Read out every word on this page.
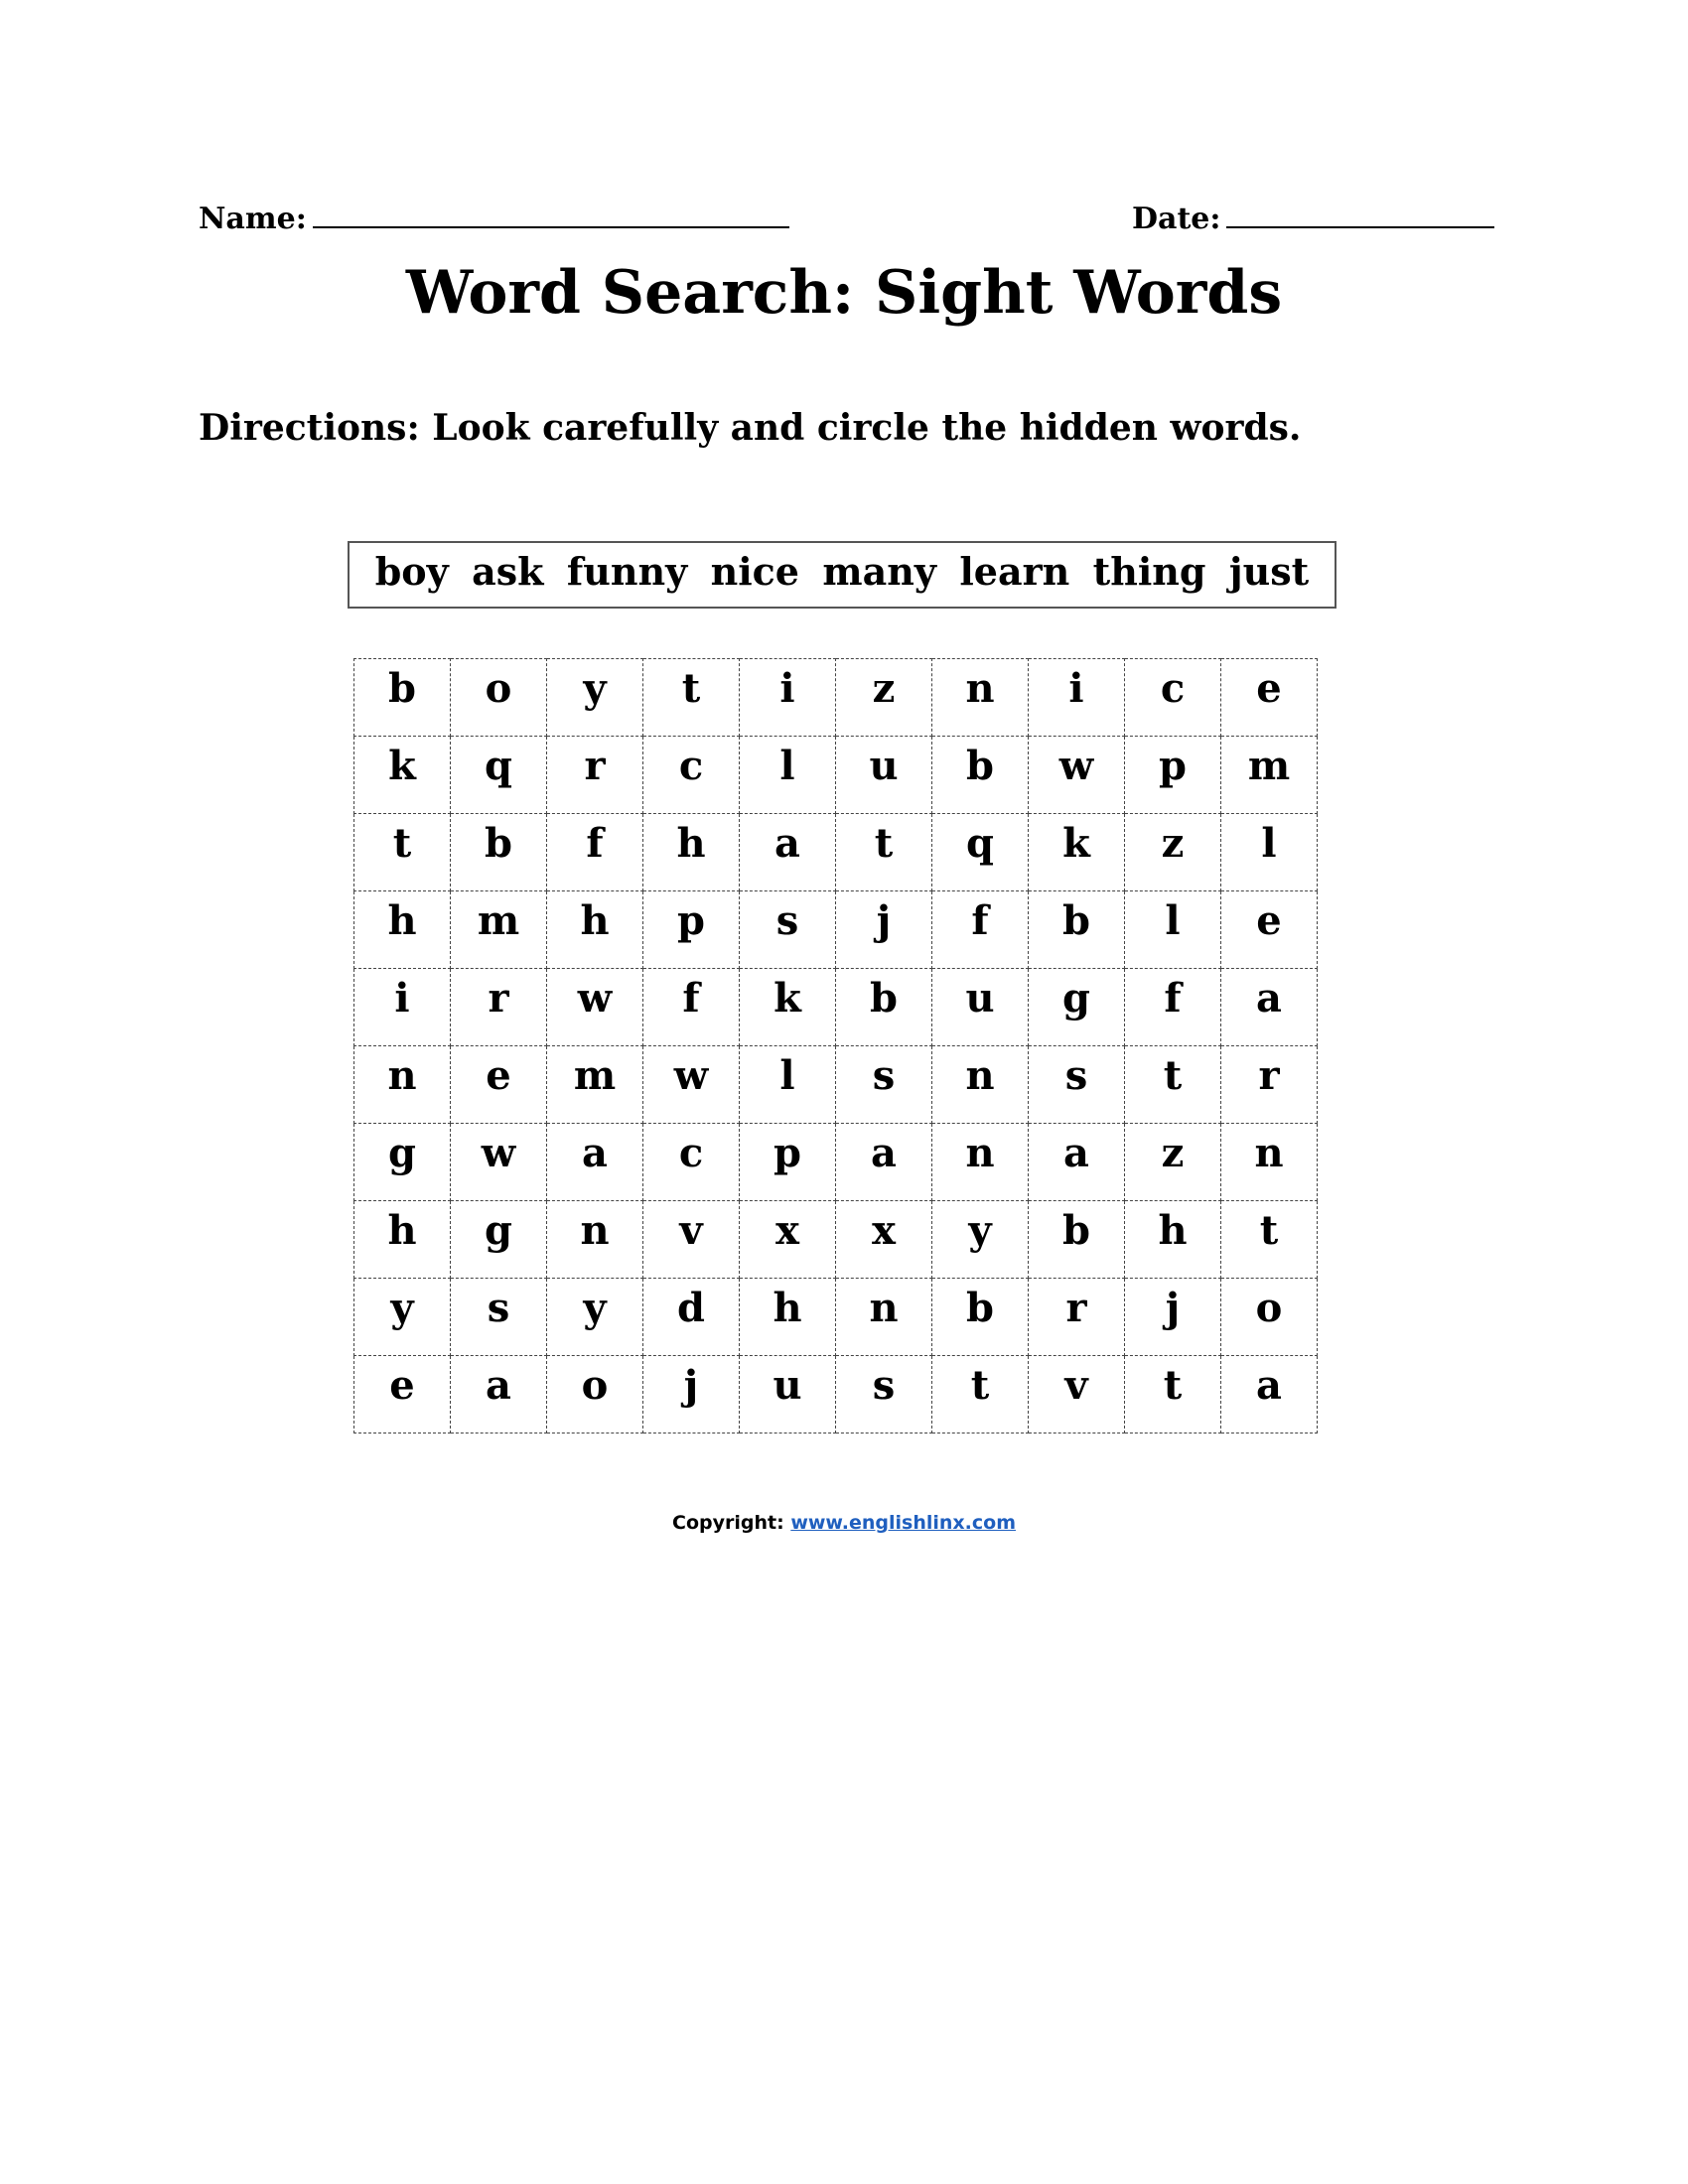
Name:	Date:
Word Search: Sight Words

Directions: Look carefully and circle the hidden words.

boy ask funny nice many learn thing just
b	o	y	t	i	z	n	i	c	e
k	q	r	c	l	u	b	w	p	m
t	b	f	h	a	t	q	k	z	l
h	m	h	p	s	j	f	b	l	e
i	r	w	f	k	b	u	g	f	a
n	e	m	w	l	s	n	s	t	r
g	w	a	c	p	a	n	a	z	n
h	g	n	v	x	x	y	b	h	t
y	s	y	d	h	n	b	r	j	o
e	a	o	j	u	s	t	v	t	a
Copyright: www.englishlinx.com
